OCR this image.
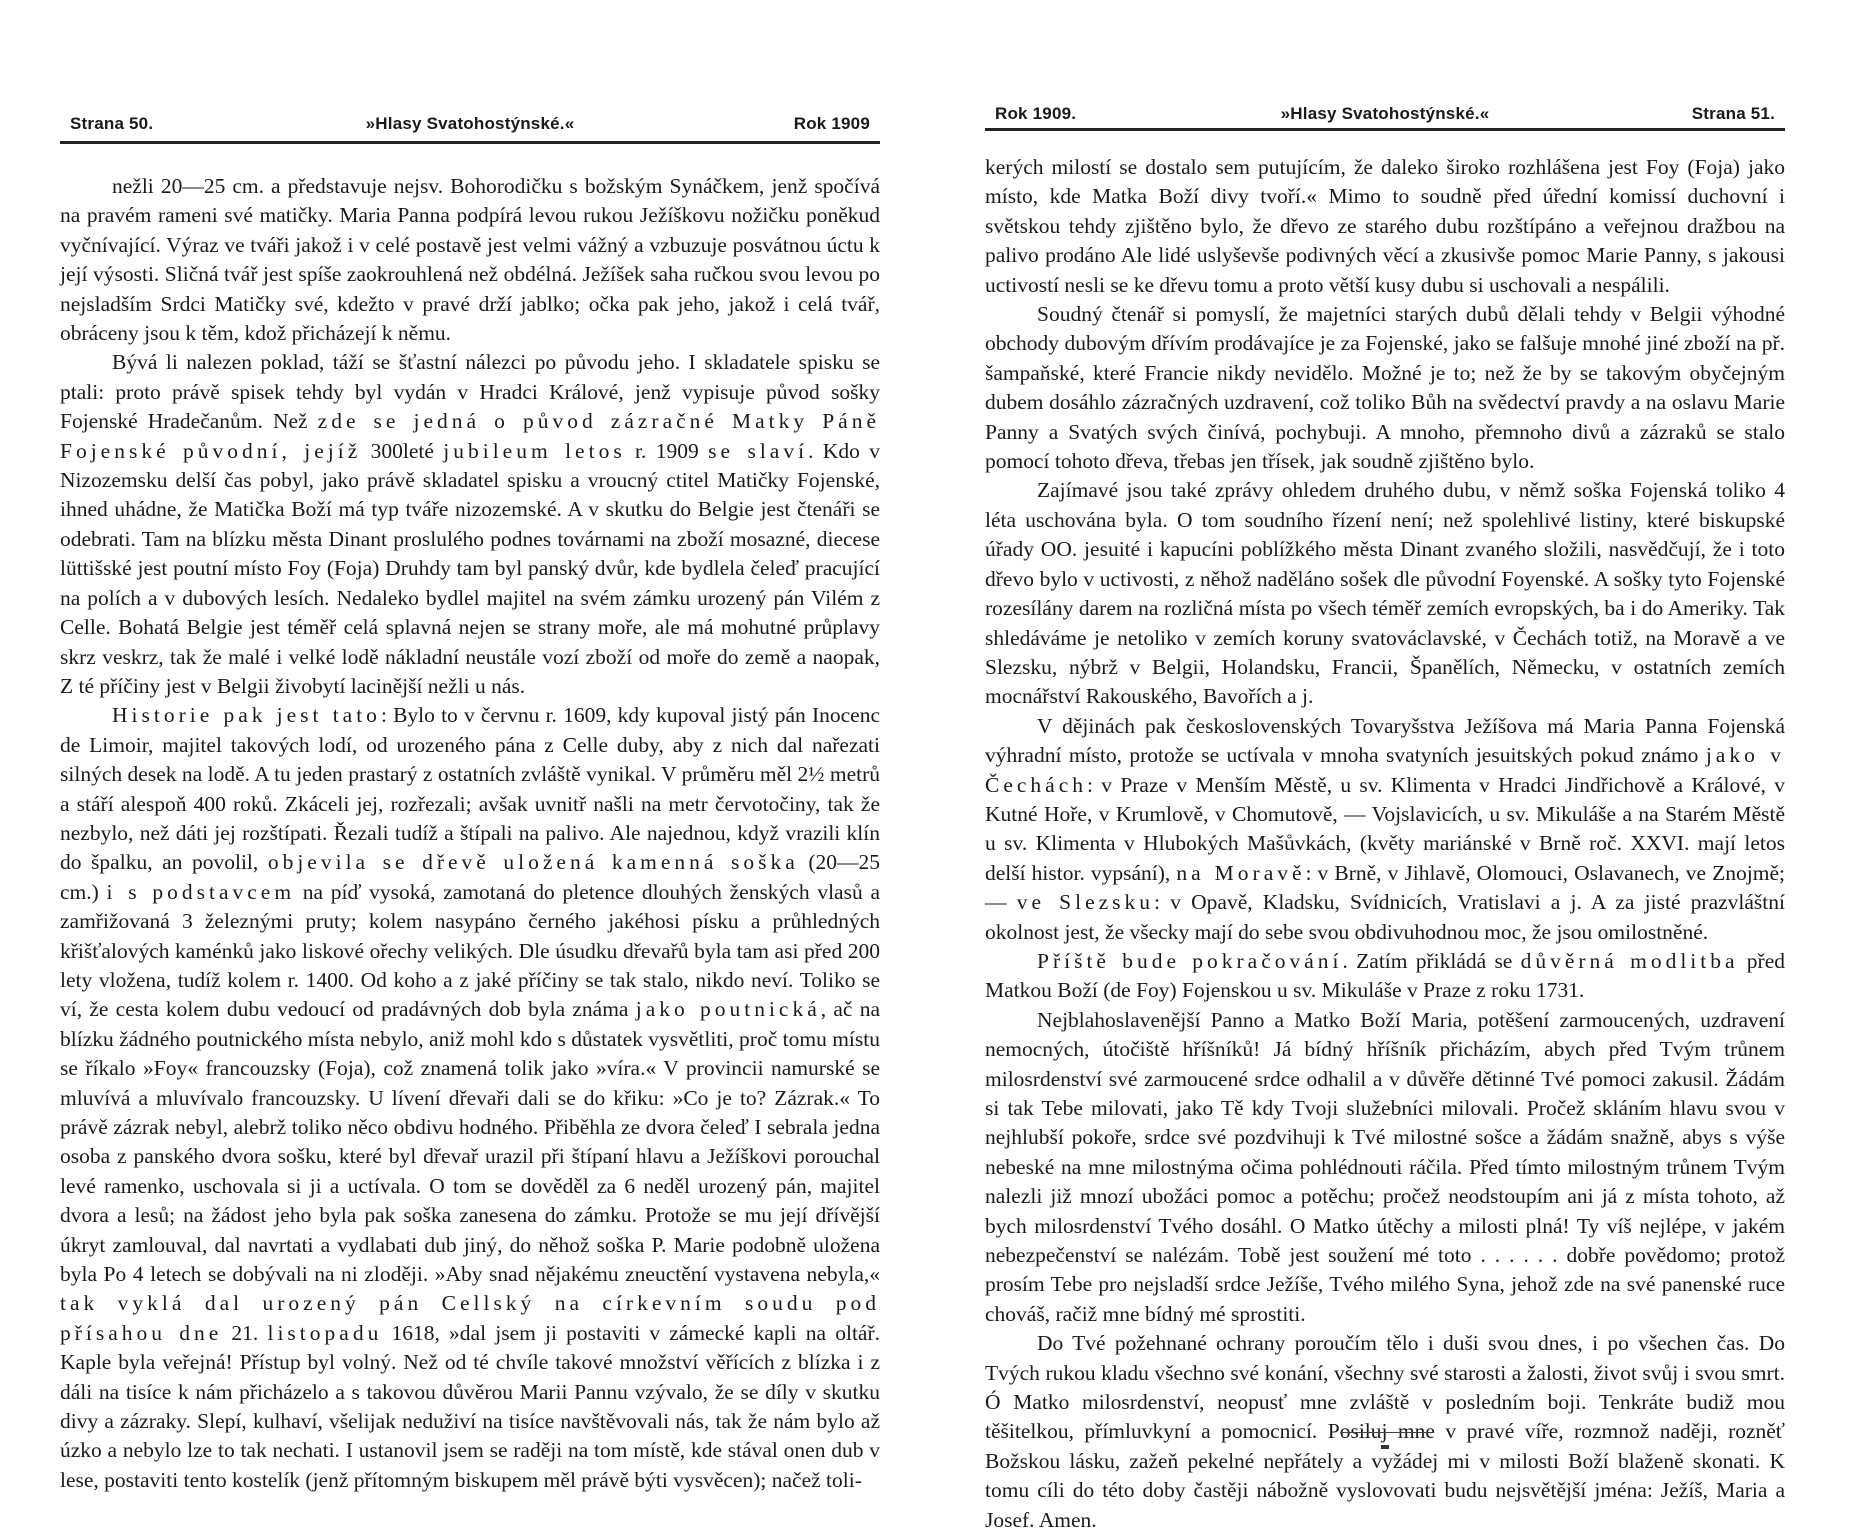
Strana 50.	»Hlasy Svatohostýnské.«	Rok 1909

nežli 20—25 cm. a představuje nejsv. Bohorodičku s božským Synáčkem, jenž spočívá na pravém rameni své matičky. Maria Panna podpírá levou rukou Ježíškovu nožičku poněkud vyčnívající. Výraz ve tváři jakož i v celé postavě jest velmi vážný a vzbuzuje posvátnou úctu k její výsosti. Sličná tvář jest spíše zaokrouhlená než obdélná. Ježíšek saha ručkou svou levou po nejsladším Srdci Matičky své, kdežto v pravé drží jablko; očka pak jeho, jakož i celá tvář, obráceny jsou k těm, kdož přicházejí k němu.

Bývá li nalezen poklad, táží se šťastní nálezci po původu jeho. I skladatele spisku se ptali: proto právě spisek tehdy byl vydán v Hradci Králové, jenž vypisuje původ sošky Fojenské Hradečanům. Než zde se jedná o původ zázračné Matky Páně Fojenské původní, jejíž 300leté jubileum letos r. 1909 se slaví. Kdo v Nizozemsku delší čas pobyl, jako právě skladatel spisku a vroucný ctitel Matičky Fojenské, ihned uhádne, že Matička Boží má typ tváře nizozemské. A v skutku do Belgie jest čtenáři se odebrati. Tam na blízku města Dinant proslulého podnes továrnami na zboží mosazné, diecese lüttišské jest poutní místo Foy (Foja) Druhdy tam byl panský dvůr, kde bydlela čeleď pracující na polích a v dubových lesích. Nedaleko bydlel majitel na svém zámku urozený pán Vilém z Celle. Bohatá Belgie jest téměř celá splavná nejen se strany moře, ale má mohutné průplavy skrz veskrz, tak že malé i velké lodě nákladní neustále vozí zboží od moře do země a naopak, Z té příčiny jest v Belgii živobytí lacinější nežli u nás.

Historie pak jest tato: Bylo to v červnu r. 1609, kdy kupoval jistý pán Inocenc de Limoir, majitel takových lodí, od urozeného pána z Celle duby, aby z nich dal nařezati silných desek na lodě. A tu jeden prastarý z ostatních zvláště vynikal. V průměru měl 2½ metrů a stáří alespoň 400 roků. Zkáceli jej, rozřezali; avšak uvnitř našli na metr červotočiny, tak že nezbylo, než dáti jej rozštípati. Řezali tudíž a štípali na palivo. Ale najednou, když vrazili klín do špalku, an povolil, objevila se dřevě uložená kamenná soška (20—25 cm.) i s podstavcem na píď vysoká, zamotaná do pletence dlouhých ženských vlasů a zamřižovaná 3 železnými pruty; kolem nasypáno černého jakéhosi písku a průhledných křišťalových kaménků jako liskové ořechy velikých. Dle úsudku dřevařů byla tam asi před 200 lety vložena, tudíž kolem r. 1400. Od koho a z jaké příčiny se tak stalo, nikdo neví. Toliko se ví, že cesta kolem dubu vedoucí od pradávných dob byla známa jako poutnická, ač na blízku žádného poutnického místa nebylo, aniž mohl kdo s důstatek vysvětliti, proč tomu místu se říkalo »Foy« francouzsky (Foja), což znamená tolik jako »víra.« V provincii namurské se mluvívá a mluvívalo francouzsky. U lívení dřevaři dali se do křiku: »Co je to? Zázrak.« To právě zázrak nebyl, alebrž toliko něco obdivu hodného. Přiběhla ze dvora čeleď I sebrala jedna osoba z panského dvora sošku, které byl dřevař urazil při štípaní hlavu a Ježíškovi porouchal levé ramenko, uschovala si ji a uctívala. O tom se dověděl za 6 neděl urozený pán, majitel dvora a lesů; na žádost jeho byla pak soška zanesena do zámku. Protože se mu její dřívější úkryt zamlouval, dal navrtati a vydlabati dub jiný, do něhož soška P. Marie podobně uložena byla Po 4 letech se dobývali na ni zloději. »Aby snad nějakému zneuctění vystavena nebyla,« tak vyklá dal urozený pán Cellský na církevním soudu pod přísahou dne 21. listopadu 1618, »dal jsem ji postaviti v zámecké kapli na oltář. Kaple byla veřejná! Přístup byl volný. Než od té chvíle takové množství věřících z blízka i z dáli na tisíce k nám přicházelo a s takovou důvěrou Marii Pannu vzývalo, že se díly v skutku divy a zázraky. Slepí, kulhaví, všelijak neduživí na tisíce navštěvovali nás, tak že nám bylo až úzko a nebylo lze to tak nechati. I ustanovil jsem se raději na tom místě, kde stával onen dub v lese, postaviti tento kostelík (jenž přítomným biskupem měl právě býti vysvěcen); načež toli-

Rok 1909.	»Hlasy Svatohostýnské.«	Strana 51.

kerých milostí se dostalo sem putujícím, že daleko široko rozhlášena jest Foy (Foja) jako místo, kde Matka Boží divy tvoří.« Mimo to soudně před úřední komissí duchovní i světskou tehdy zjištěno bylo, že dřevo ze starého dubu rozštípáno a veřejnou dražbou na palivo prodáno Ale lidé uslyševše podivných věcí a zkusivše pomoc Marie Panny, s jakousi uctivostí nesli se ke dřevu tomu a proto větší kusy dubu si uschovali a nespálili.

Soudný čtenář si pomyslí, že majetníci starých dubů dělali tehdy v Belgii výhodné obchody dubovým dřívím prodávajíce je za Fojenské, jako se falšuje mnohé jiné zboží na př. šampaňské, které Francie nikdy nevidělo. Možné je to; než že by se takovým obyčejným dubem dosáhlo zázračných uzdravení, což toliko Bůh na svědectví pravdy a na oslavu Marie Panny a Svatých svých činívá, pochybuji. A mnoho, přemnoho divů a zázraků se stalo pomocí tohoto dřeva, třebas jen třísek, jak soudně zjištěno bylo.

Zajímavé jsou také zprávy ohledem druhého dubu, v němž soška Fojenská toliko 4 léta uschována byla. O tom soudního řízení není; než spolehlivé listiny, které biskupské úřady OO. jesuité i kapucíni poblížkého města Dinant zvaného složili, nasvědčují, že i toto dřevo bylo v uctivosti, z něhož naděláno sošek dle původní Foyenské. A sošky tyto Fojenské rozesílány darem na rozličná místa po všech téměř zemích evropských, ba i do Ameriky. Tak shledáváme je netoliko v zemích koruny svatováclavské, v Čechách totiž, na Moravě a ve Slezsku, nýbrž v Belgii, Holandsku, Francii, Španělích, Německu, v ostatních zemích mocnářství Rakouského, Bavořích a j.

V dějinách pak československých Tovaryšstva Ježíšova má Maria Panna Fojenská výhradní místo, protože se uctívala v mnoha svatyních jesuitských pokud známo jako v Čechách: v Praze v Menším Městě, u sv. Klimenta v Hradci Jindřichově a Králové, v Kutné Hoře, v Krumlově, v Chomutově, — Vojslavicích, u sv. Mikuláše a na Starém Městě u sv. Klimenta v Hlubokých Mašůvkách, (květy mariánské v Brně roč. XXVI. mají letos delší histor. vypsání), na Moravě: v Brně, v Jihlavě, Olomouci, Oslavanech, ve Znojmě; — ve Slezsku: v Opavě, Kladsku, Svídnicích, Vratislavi a j. A za jisté prazvláštní okolnost jest, že všecky mají do sebe svou obdivuhodnou moc, že jsou omilostněné.

Příště bude pokračování. Zatím přikládá se důvěrná modlitba před Matkou Boží (de Foy) Fojenskou u sv. Mikuláše v Praze z roku 1731.

Nejblahoslavenější Panno a Matko Boží Maria, potěšení zarmoucených, uzdravení nemocných, útočiště hříšníků! Já bídný hříšník přicházím, abych před Tvým trůnem milosrdenství své zarmoucené srdce odhalil a v důvěře dětinné Tvé pomoci zakusil. Žádám si tak Tebe milovati, jako Tě kdy Tvoji služebníci milovali. Pročež skláním hlavu svou v nejhlubší pokoře, srdce své pozdvihuji k Tvé milostné sošce a žádám snažně, abys s výše nebeské na mne milostnýma očima pohlédnouti ráčila. Před tímto milostným trůnem Tvým nalezli již mnozí ubožáci pomoc a potěchu; pročež neodstoupím ani já z místa tohoto, až bych milosrdenství Tvého dosáhl. O Matko útěchy a milosti plná! Ty víš nejlépe, v jakém nebezpečenství se nalézám. Tobě jest soužení mé toto . . . . . . dobře povědomo; protož prosím Tebe pro nejsladší srdce Ježíše, Tvého milého Syna, jehož zde na své panenské ruce chováš, račiž mne bídný mé sprostiti.

Do Tvé požehnané ochrany poroučím tělo i duši svou dnes, i po všechen čas. Do Tvých rukou kladu všechno své konání, všechny své starosti a žalosti, život svůj i svou smrt. Ó Matko milosrdenství, neopusť mne zvláště v posledním boji. Tenkráte budiž mou těšitelkou, přímluvkyní a pomocnicí. Posiluj mne v pravé víře, rozmnož naději, rozněť Božskou lásku, zažeň pekelné nepřátely a vyžádej mi v milosti Boží blaženě skonati. K tomu cíli do této doby častěji nábožně vyslovovati budu nejsvětější jména: Ježíš, Maria a Josef. Amen.
